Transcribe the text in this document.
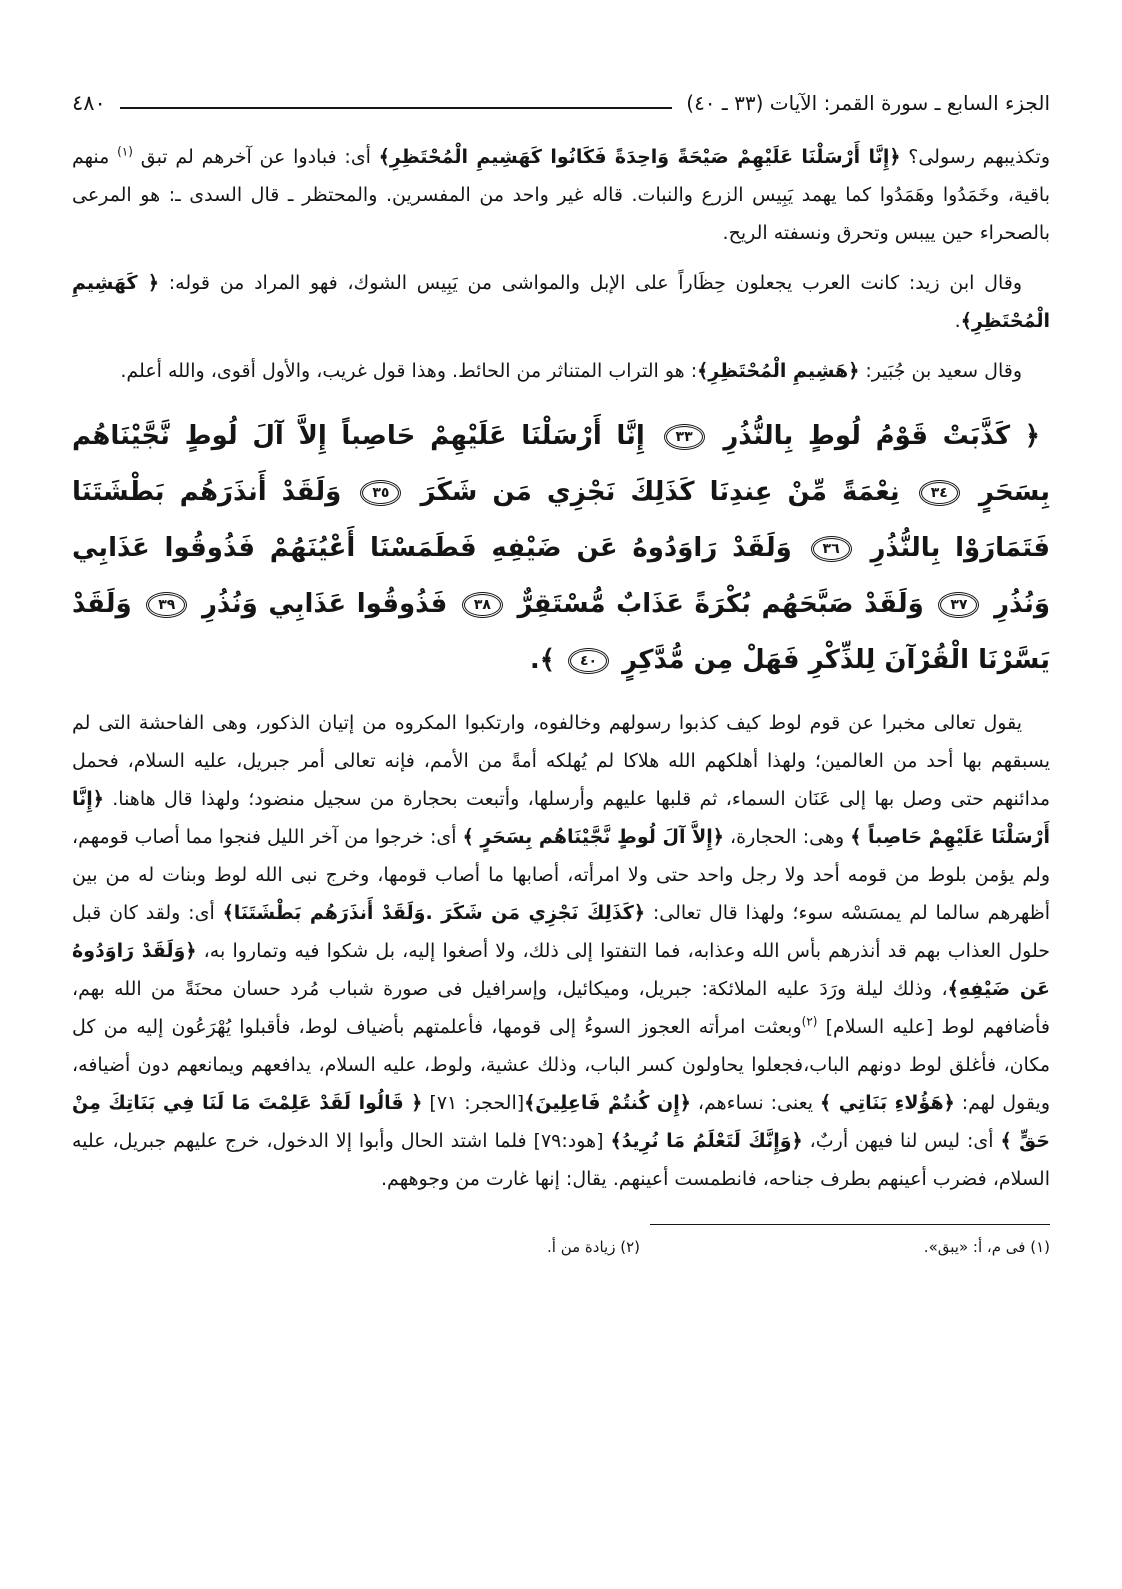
الجزء السابع ـ سورة القمر: الآيات (٣٣ ـ ٤٠)
٤٨٠

وتكذيبهم رسولى؟ ﴿إِنَّا أَرْسَلْنَا عَلَيْهِمْ صَيْحَةً وَاحِدَةً فَكَانُوا كَهَشِيمِ الْمُحْتَظِرِ﴾ أى: فبادوا عن آخرهم لم تبق $^{(١)}$ منهم باقية، وخَمَدُوا وهَمَدُوا كما يهمد يَبِيس الزرع والنبات. قاله غير واحد من المفسرين. والمحتظر ـ قال السدى ـ: هو المرعى بالصحراء حين ييبس وتحرق ونسفته الريح.

وقال ابن زيد: كانت العرب يجعلون حِظَاراً على الإبل والمواشى من يَبِيس الشوك، فهو المراد من قوله: ﴿ كَهَشِيمِ الْمُحْتَظِرِ﴾.

وقال سعيد بن جُبَير: ﴿هَشِيمِ الْمُحْتَظِرِ﴾: هو التراب المتناثر من الحائط. وهذا قول غريب، والأول أقوى، والله أعلم.

﴿ كَذَّبَتْ قَوْمُ لُوطٍ بِالنُّذُرِ ٣٣ إِنَّا أَرْسَلْنَا عَلَيْهِمْ حَاصِباً إِلاَّ آلَ لُوطٍ نَّجَّيْنَاهُم بِسَحَرٍ ٣٤ نِعْمَةً مِّنْ عِندِنَا كَذَلِكَ نَجْزِي مَن شَكَرَ ٣٥ وَلَقَدْ أَنذَرَهُم بَطْشَتَنَا فَتَمَارَوْا بِالنُّذُرِ ٣٦ وَلَقَدْ رَاوَدُوهُ عَن ضَيْفِهِ فَطَمَسْنَا أَعْيُنَهُمْ فَذُوقُوا عَذَابِي وَنُذُرِ ٣٧ وَلَقَدْ صَبَّحَهُم بُكْرَةً عَذَابٌ مُّسْتَقِرٌّ ٣٨ فَذُوقُوا عَذَابِي وَنُذُرِ ٣٩ وَلَقَدْ يَسَّرْنَا الْقُرْآنَ لِلذِّكْرِ فَهَلْ مِن مُّدَّكِرٍ ٤٠ ﴾.

يقول تعالى مخبرا عن قوم لوط كيف كذبوا رسولهم وخالفوه، وارتكبوا المكروه من إتيان الذكور، وهى الفاحشة التى لم يسبقهم بها أحد من العالمين؛ ولهذا أهلكهم الله هلاكا لم يُهلكه أمةً من الأمم، فإنه تعالى أمر جبريل، عليه السلام، فحمل مدائنهم حتى وصل بها إلى عَنَان السماء، ثم قلبها عليهم وأرسلها، وأتبعت بحجارة من سجيل منضود؛ ولهذا قال هاهنا. ﴿إِنَّا أَرْسَلْنَا عَلَيْهِمْ حَاصِباً ﴾ وهى: الحجارة، ﴿إِلاَّ آلَ لُوطٍ نَّجَّيْنَاهُم بِسَحَرٍ ﴾ أى: خرجوا من آخر الليل فنجوا مما أصاب قومهم، ولم يؤمن بلوط من قومه أحد ولا رجل واحد حتى ولا امرأته، أصابها ما أصاب قومها، وخرج نبى الله لوط وبنات له من بين أظهرهم سالما لم يمسَسْه سوء؛ ولهذا قال تعالى: ﴿كَذَلِكَ نَجْزِي مَن شَكَرَ .وَلَقَدْ أَنذَرَهُم بَطْشَتَنَا﴾ أى: ولقد كان قبل حلول العذاب بهم قد أنذرهم بأس الله وعذابه، فما التفتوا إلى ذلك، ولا أصغوا إليه، بل شكوا فيه وتماروا به، ﴿وَلَقَدْ رَاوَدُوهُ عَن ضَيْفِهِ﴾، وذلك ليلة ورَدَ عليه الملائكة: جبريل، وميكائيل، وإسرافيل فى صورة شباب مُرد حسان محنَةً من الله بهم، فأضافهم لوط [عليه السلام] $^{(٢)}$وبعثت امرأته العجوز السوءُ إلى قومها، فأعلمتهم بأضياف لوط، فأقبلوا يُهْرَعُون إليه من كل مكان، فأغلق لوط دونهم الباب،فجعلوا يحاولون كسر الباب، وذلك عشية، ولوط، عليه السلام، يدافعهم ويمانعهم دون أضيافه، ويقول لهم: ﴿هَؤُلاءِ بَنَاتِي ﴾ يعنى: نساءهم، ﴿إِن كُنتُمْ فَاعِلِينَ﴾[الحجر: ٧١] ﴿ قَالُوا لَقَدْ عَلِمْتَ مَا لَنَا فِي بَنَاتِكَ مِنْ حَقٍّ ﴾ أى: ليس لنا فيهن أربٌ، ﴿وَإِنَّكَ لَتَعْلَمُ مَا نُرِيدُ﴾ [هود:٧٩] فلما اشتد الحال وأبوا إلا الدخول، خرج عليهم جبريل، عليه السلام، فضرب أعينهم بطرف جناحه، فانطمست أعينهم. يقال: إنها غارت من وجوههم.

(١) فى م، أ: «يبق».
(٢) زيادة من أ.
